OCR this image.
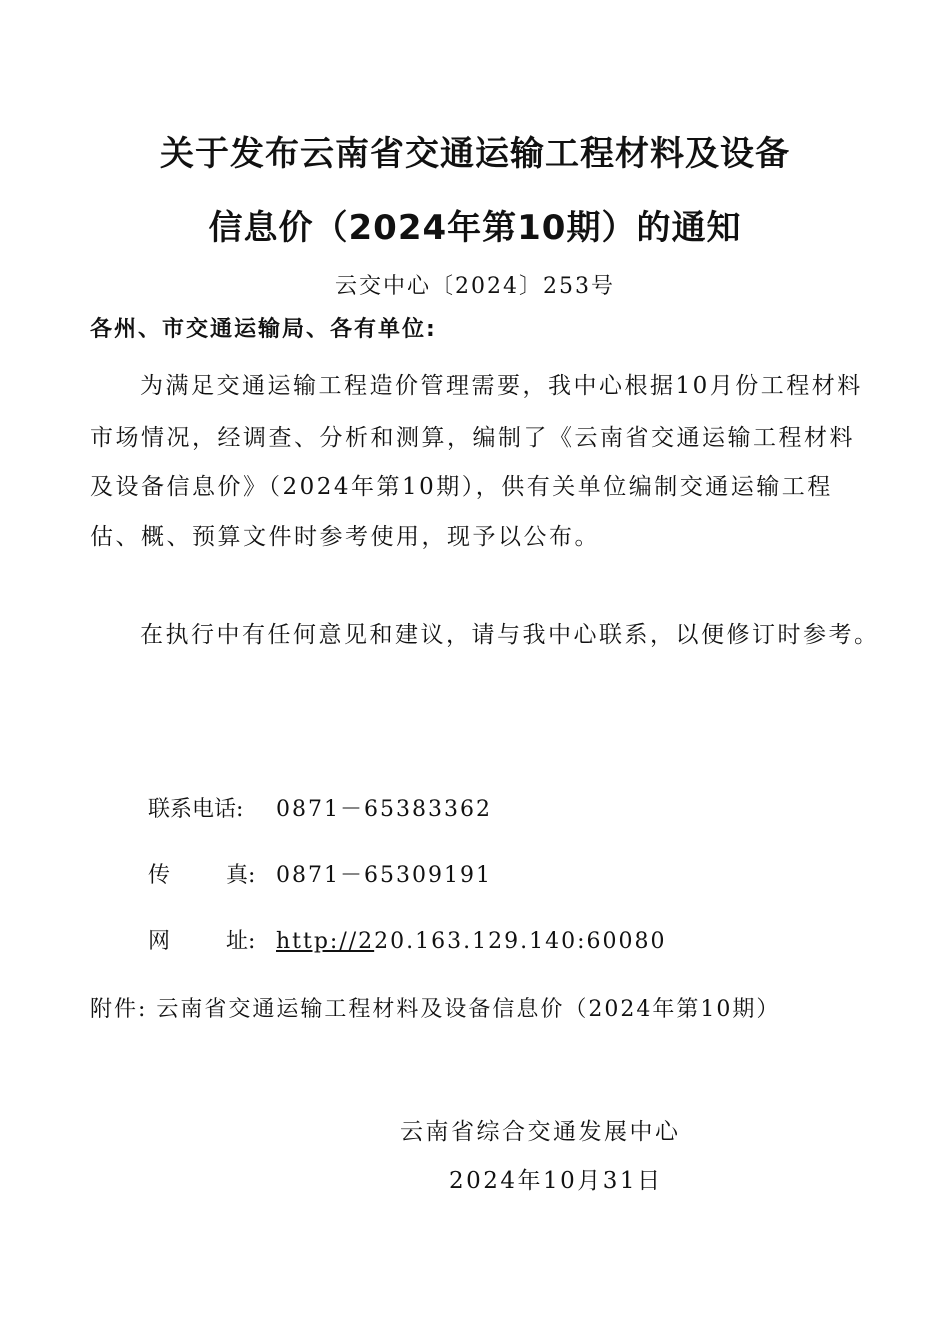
关于发布云南省交通运输工程材料及设备
信息价（2024年第10期）的通知
云交中心〔2024〕253号
各州、市交通运输局、各有单位:
为满足交通运输工程造价管理需要，我中心根据10月份工程材料
市场情况，经调查、分析和测算，编制了《云南省交通运输工程材料
及设备信息价》（2024年第10期），供有关单位编制交通运输工程
估、概、预算文件时参考使用，现予以公布。
在执行中有任何意见和建议，请与我中心联系，以便修订时参考。
联系电话: 0871－65383362
传	真: 0871－65309191
网	址: http://220.163.129.140:60080
附件: 云南省交通运输工程材料及设备信息价（2024年第10期）
云南省综合交通发展中心
2024年10月31日
